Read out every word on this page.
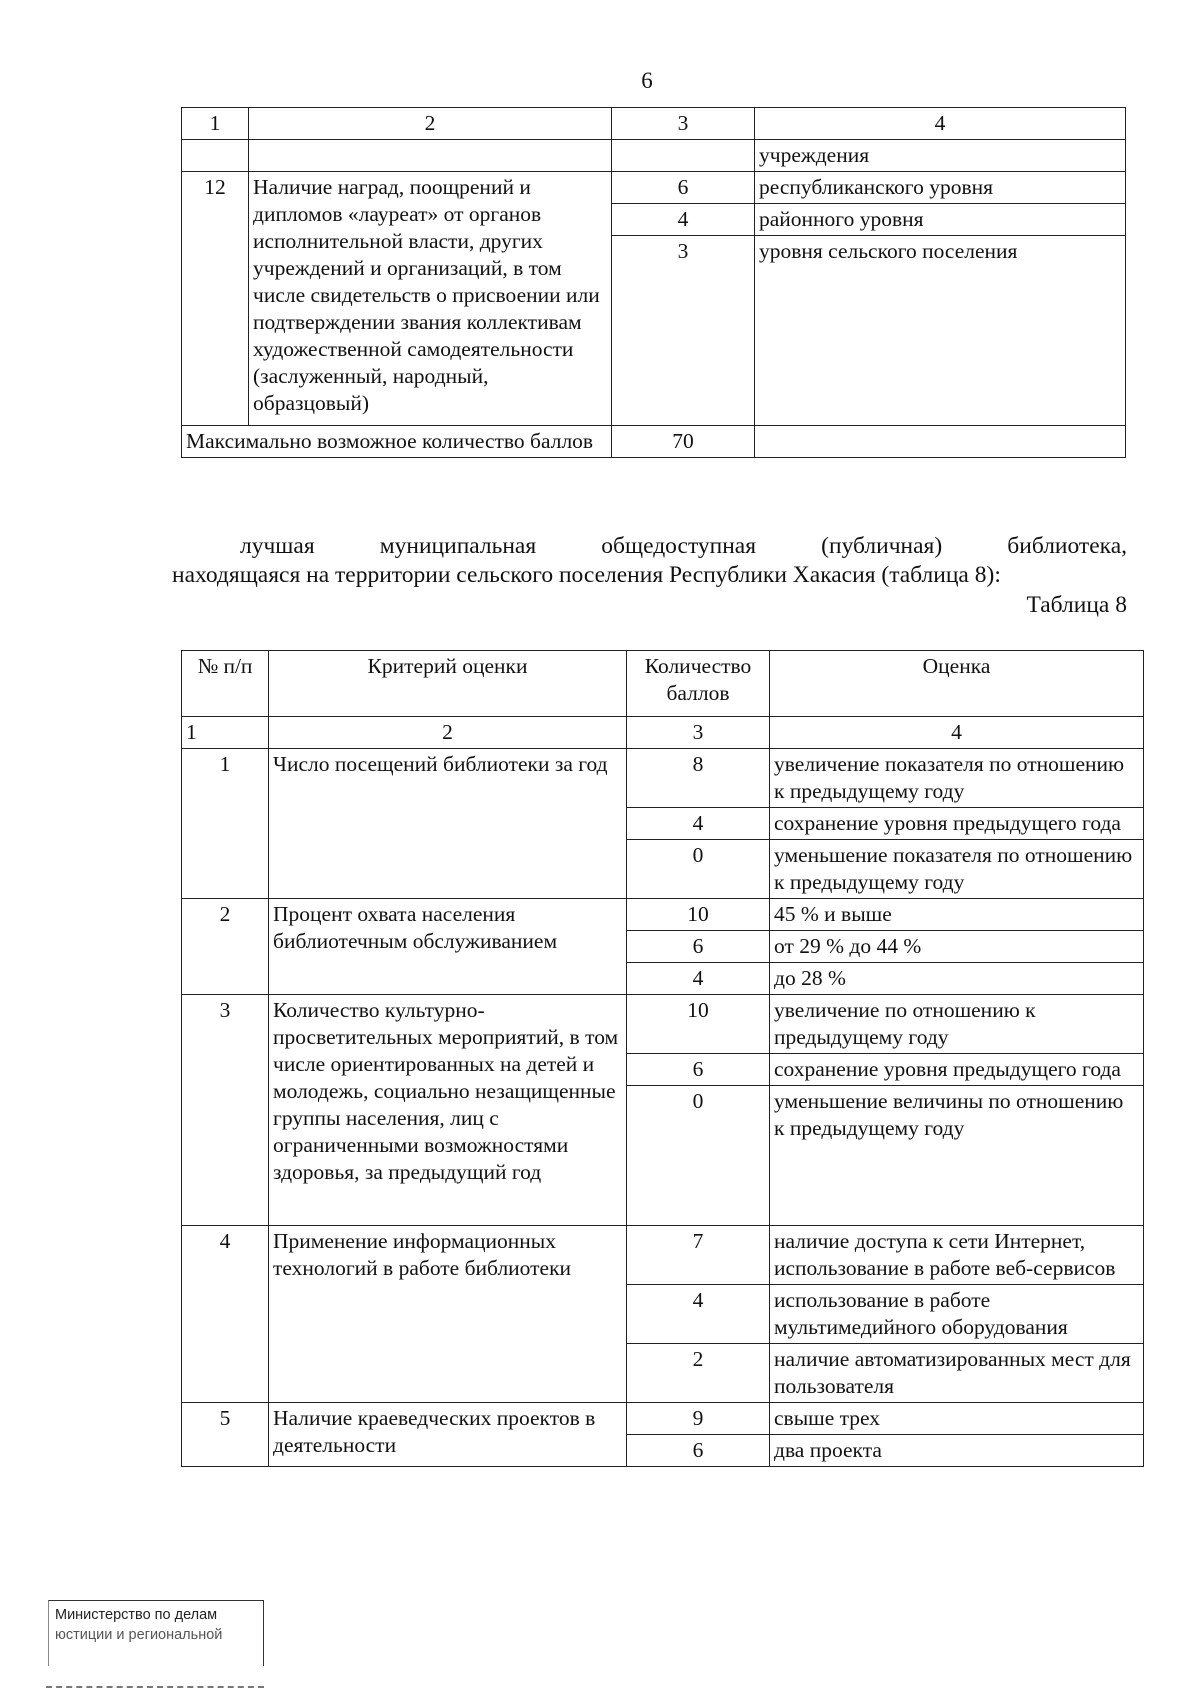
6
1	2	3	4
			учреждения
12	Наличие наград, поощрений и дипломов «лауреат» от органов исполнительной власти, других учреждений и организаций, в том числе свидетельств о присвоении или подтверждении звания коллективам художественной самодеятельности (заслуженный, народный, образцовый)	6	республиканского уровня
		4	районного уровня
		3	уровня сельского поселения
Максимально возможное количество баллов		70	
лучшая муниципальная общедоступная (публичная) библиотека,
находящаяся на территории сельского поселения Республики Хакасия (таблица 8):
Таблица 8
№ п/п	Критерий оценки	Количество баллов	Оценка
1	2	3	4
1	Число посещений библиотеки за год	8	увеличение показателя по отношению к предыдущему году
		4	сохранение уровня предыдущего года
		0	уменьшение показателя по отношению к предыдущему году
2	Процент охвата населения библиотечным обслуживанием	10	45 % и выше
		6	от 29 % до 44 %
		4	до 28 %
3	Количество культурно-просветительных мероприятий, в том числе ориентированных на детей и молодежь, социально незащищенные группы населения, лиц с ограниченными возможностями здоровья, за предыдущий год	10	увеличение по отношению к предыдущему году
		6	сохранение уровня предыдущего года
		0	уменьшение величины по отношению к предыдущему году
4	Применение информационных технологий в работе библиотеки	7	наличие доступа к сети Интернет, использование в работе веб-сервисов
		4	использование в работе мультимедийного оборудования
		2	наличие автоматизированных мест для пользователя
5	Наличие краеведческих проектов в деятельности	9	свыше трех
		6	два проекта
Министерство по делам
юстиции и региональной
